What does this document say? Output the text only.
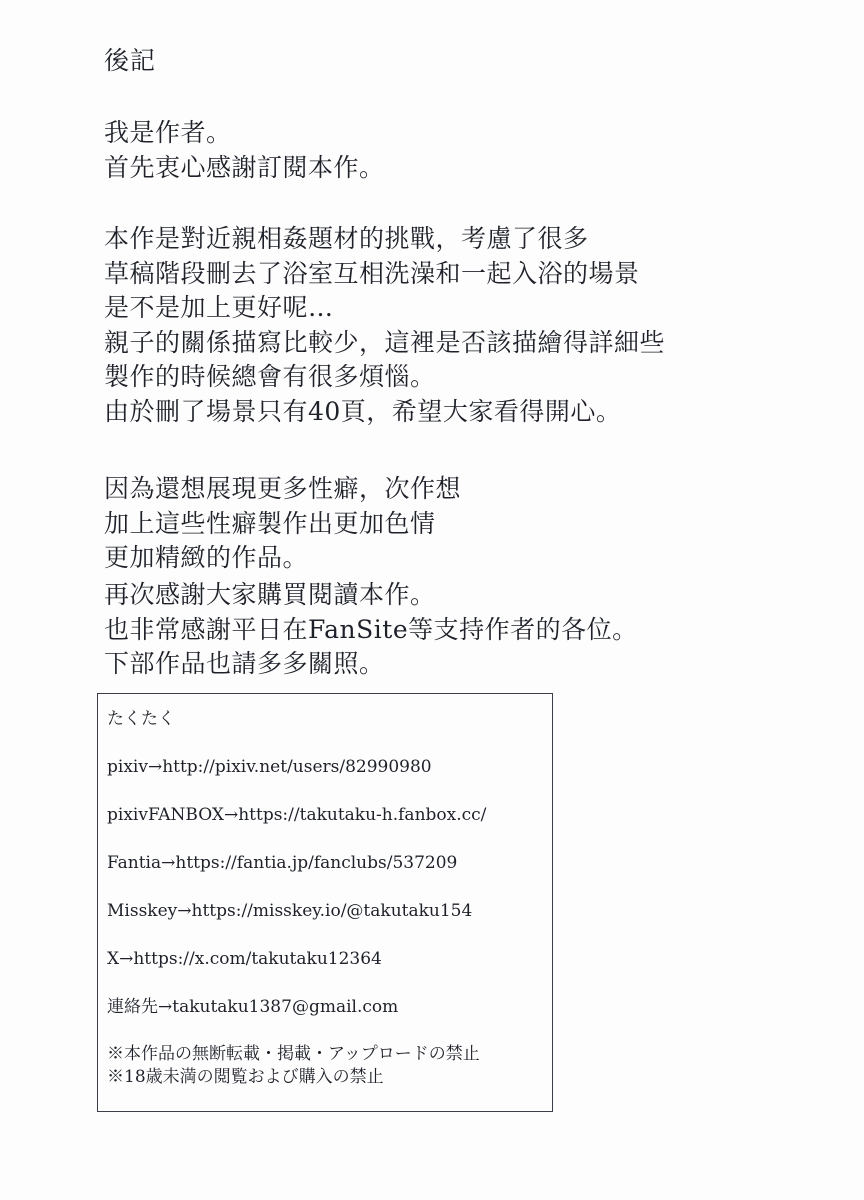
後記
我是作者。
首先衷心感謝訂閱本作。
本作是對近親相姦題材的挑戰，考慮了很多
草稿階段刪去了浴室互相洗澡和一起入浴的場景
是不是加上更好呢…
親子的關係描寫比較少，這裡是否該描繪得詳細些
製作的時候總會有很多煩惱。
由於刪了場景只有40頁，希望大家看得開心。
因為還想展現更多性癖，次作想
加上這些性癖製作出更加色情
更加精緻的作品。
再次感謝大家購買閱讀本作。
也非常感謝平日在FanSite等支持作者的各位。
下部作品也請多多關照。
たくたく
pixiv→http://pixiv.net/users/82990980
pixivFANBOX→https://takutaku-h.fanbox.cc/
Fantia→https://fantia.jp/fanclubs/537209
Misskey→https://misskey.io/@takutaku154
X→https://x.com/takutaku12364
連絡先→takutaku1387@gmail.com
※本作品の無断転載・掲載・アップロードの禁止
※18歳未満の閲覧および購入の禁止
